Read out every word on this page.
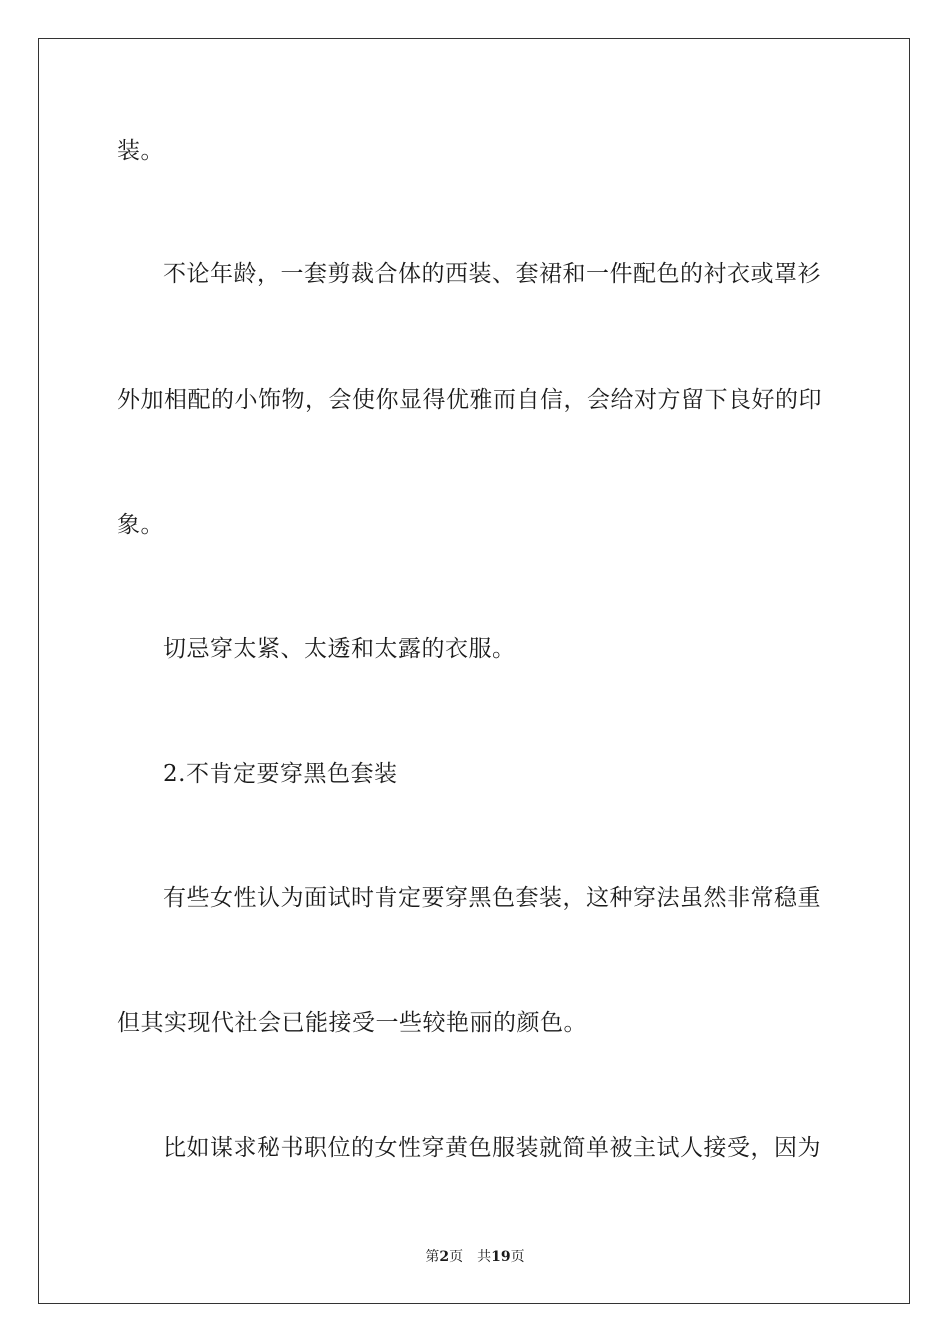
装。

不论年龄，一套剪裁合体的西装、套裙和一件配色的衬衣或罩衫

外加相配的小饰物，会使你显得优雅而自信，会给对方留下良好的印

象。

切忌穿太紧、太透和太露的衣服。

2.不肯定要穿黑色套装

有些女性认为面试时肯定要穿黑色套装，这种穿法虽然非常稳重

但其实现代社会已能接受一些较艳丽的颜色。

比如谋求秘书职位的女性穿黄色服装就简单被主试人接受，因为

第2页 共19页
